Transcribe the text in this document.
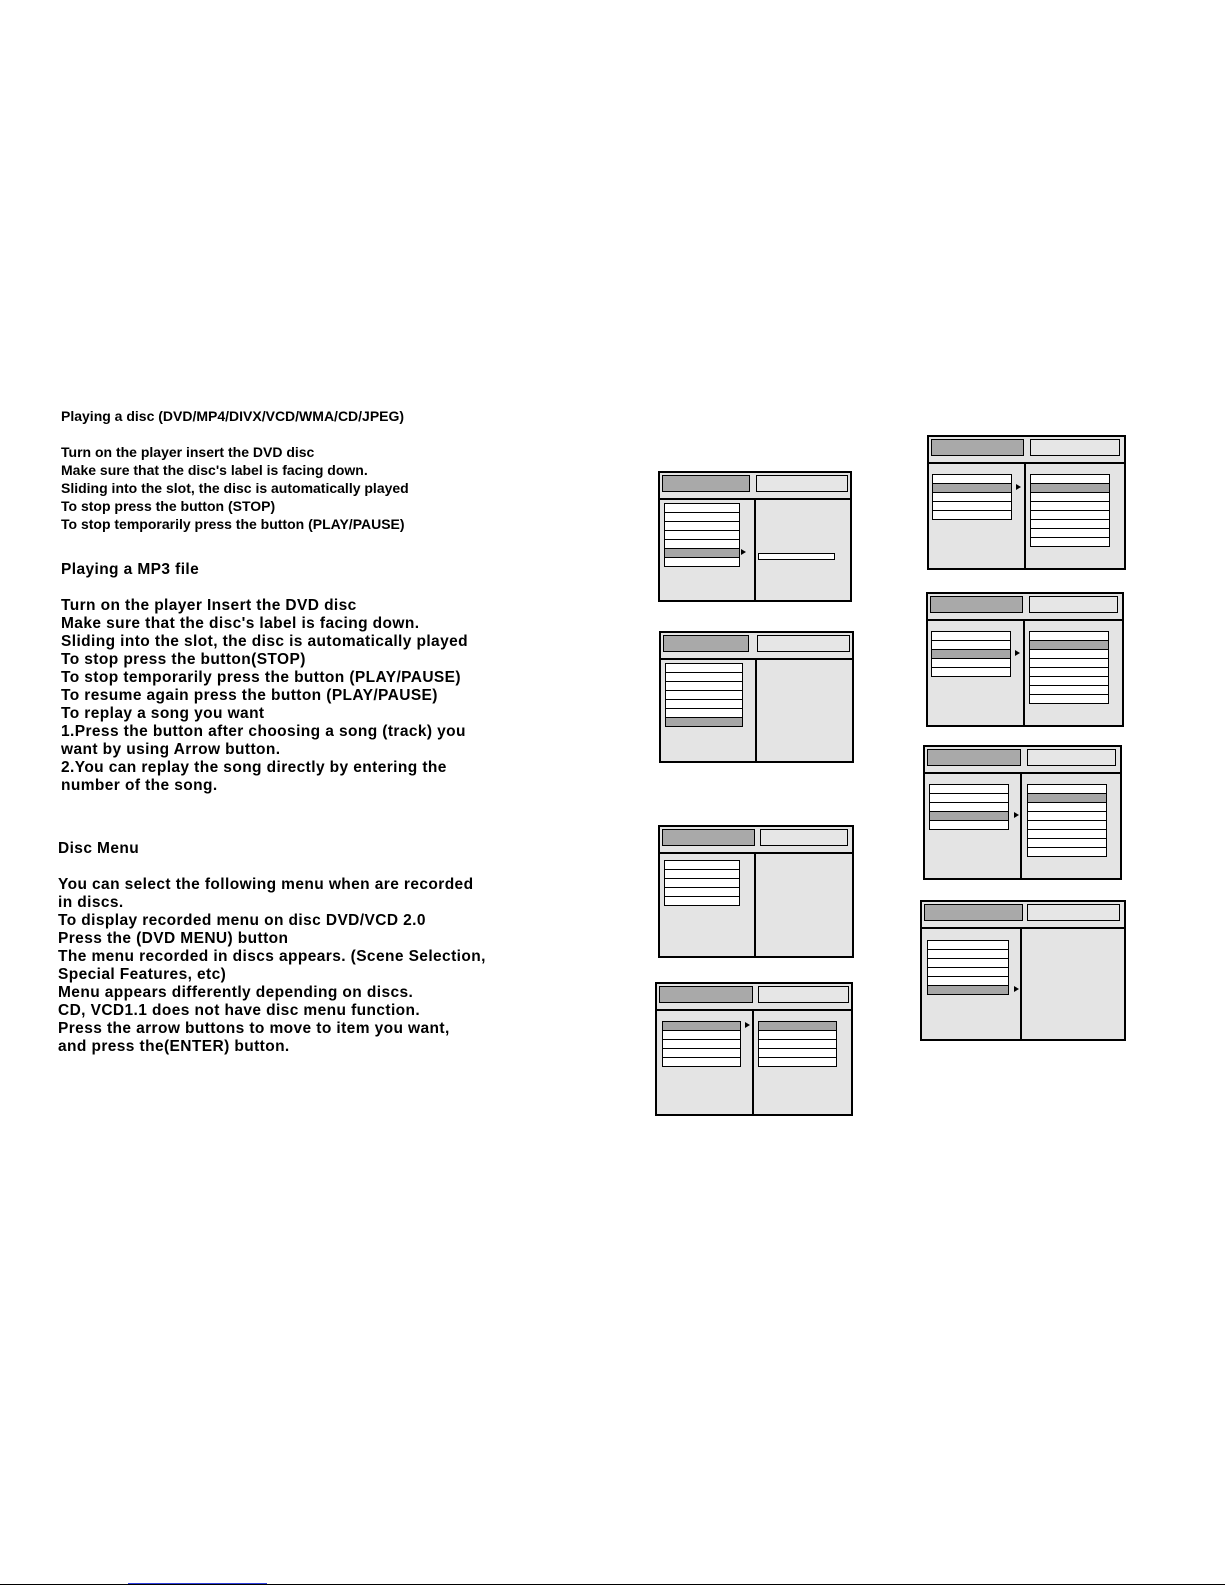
Playing a disc (DVD/MP4/DIVX/VCD/WMA/CD/JPEG)
Turn on the player insert the DVD disc
Make sure that the disc's label is facing down.
Sliding into the slot, the disc is automatically played
To stop press the button (STOP)
To stop temporarily press the button (PLAY/PAUSE)
Playing a MP3 file
Turn on the player Insert the DVD disc
Make sure that the disc's label is facing down.
Sliding into the slot, the disc is automatically played
To stop press the button(STOP)
To stop temporarily press the button (PLAY/PAUSE)
To resume again press the button (PLAY/PAUSE)
To replay a song you want
1.Press the button after choosing a song (track) you
want by using Arrow button.
2.You can replay the song directly by entering the
number of the song.
Disc Menu
You can select the following menu when are recorded
in discs.
To display recorded menu on disc DVD/VCD 2.0
Press the (DVD MENU) button
The menu recorded in discs appears. (Scene Selection,
Special Features, etc)
Menu appears differently depending on discs.
CD, VCD1.1 does not have disc menu function.
Press the arrow buttons to move to item you want,
and press the(ENTER) button.
